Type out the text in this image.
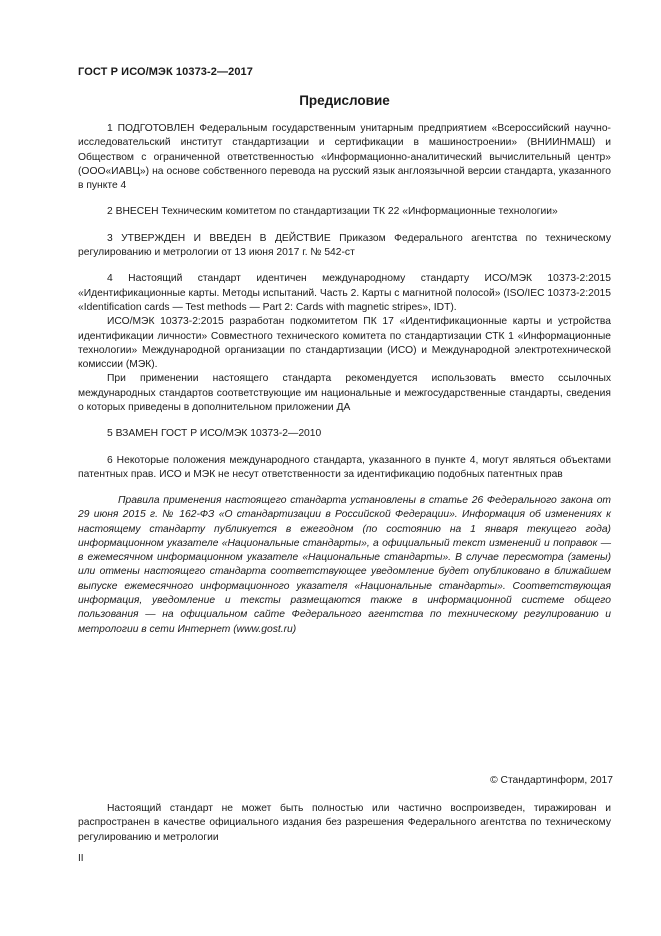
ГОСТ Р ИСО/МЭК 10373-2—2017
Предисловие

1 ПОДГОТОВЛЕН Федеральным государственным унитарным предприятием «Всероссийский научно-исследовательский институт стандартизации и сертификации в машиностроении» (ВНИИНМАШ) и Обществом с ограниченной ответственностью «Информационно-аналитический вычислительный центр» (ООО«ИАВЦ») на основе собственного перевода на русский язык англоязычной версии стандарта, указанного в пункте 4

2 ВНЕСЕН Техническим комитетом по стандартизации ТК 22 «Информационные технологии»

3 УТВЕРЖДЕН И ВВЕДЕН В ДЕЙСТВИЕ Приказом Федерального агентства по техническому регулированию и метрологии от 13 июня 2017 г. № 542-ст

4 Настоящий стандарт идентичен международному стандарту ИСО/МЭК 10373-2:2015 «Идентификационные карты. Методы испытаний. Часть 2. Карты с магнитной полосой» (ISO/IEC 10373-2:2015 «Identification cards — Test methods — Part 2: Cards with magnetic stripes», IDT).

ИСО/МЭК 10373-2:2015 разработан подкомитетом ПК 17 «Идентификационные карты и устройства идентификации личности» Совместного технического комитета по стандартизации СТК 1 «Информационные технологии» Международной организации по стандартизации (ИСО) и Международной электротехнической комиссии (МЭК).

При применении настоящего стандарта рекомендуется использовать вместо ссылочных международных стандартов соответствующие им национальные и межгосударственные стандарты, сведения о которых приведены в дополнительном приложении ДА

5 ВЗАМЕН ГОСТ Р ИСО/МЭК 10373-2—2010

6 Некоторые положения международного стандарта, указанного в пункте 4, могут являться объектами патентных прав. ИСО и МЭК не несут ответственности за идентификацию подобных патентных прав

Правила применения настоящего стандарта установлены в статье 26 Федерального закона от 29 июня 2015 г. № 162-ФЗ «О стандартизации в Российской Федерации». Информация об изменениях к настоящему стандарту публикуется в ежегодном (по состоянию на 1 января текущего года) информационном указателе «Национальные стандарты», а официальный текст изменений и поправок — в ежемесячном информационном указателе «Национальные стандарты». В случае пересмотра (замены) или отмены настоящего стандарта соответствующее уведомление будет опубликовано в ближайшем выпуске ежемесячного информационного указателя «Национальные стандарты». Соответствующая информация, уведомление и тексты размещаются также в информационной системе общего пользования — на официальном сайте Федерального агентства по техническому регулированию и метрологии в сети Интернет (www.gost.ru)
© Стандартинформ, 2017
Настоящий стандарт не может быть полностью или частично воспроизведен, тиражирован и распространен в качестве официального издания без разрешения Федерального агентства по техническому регулированию и метрологии
II
